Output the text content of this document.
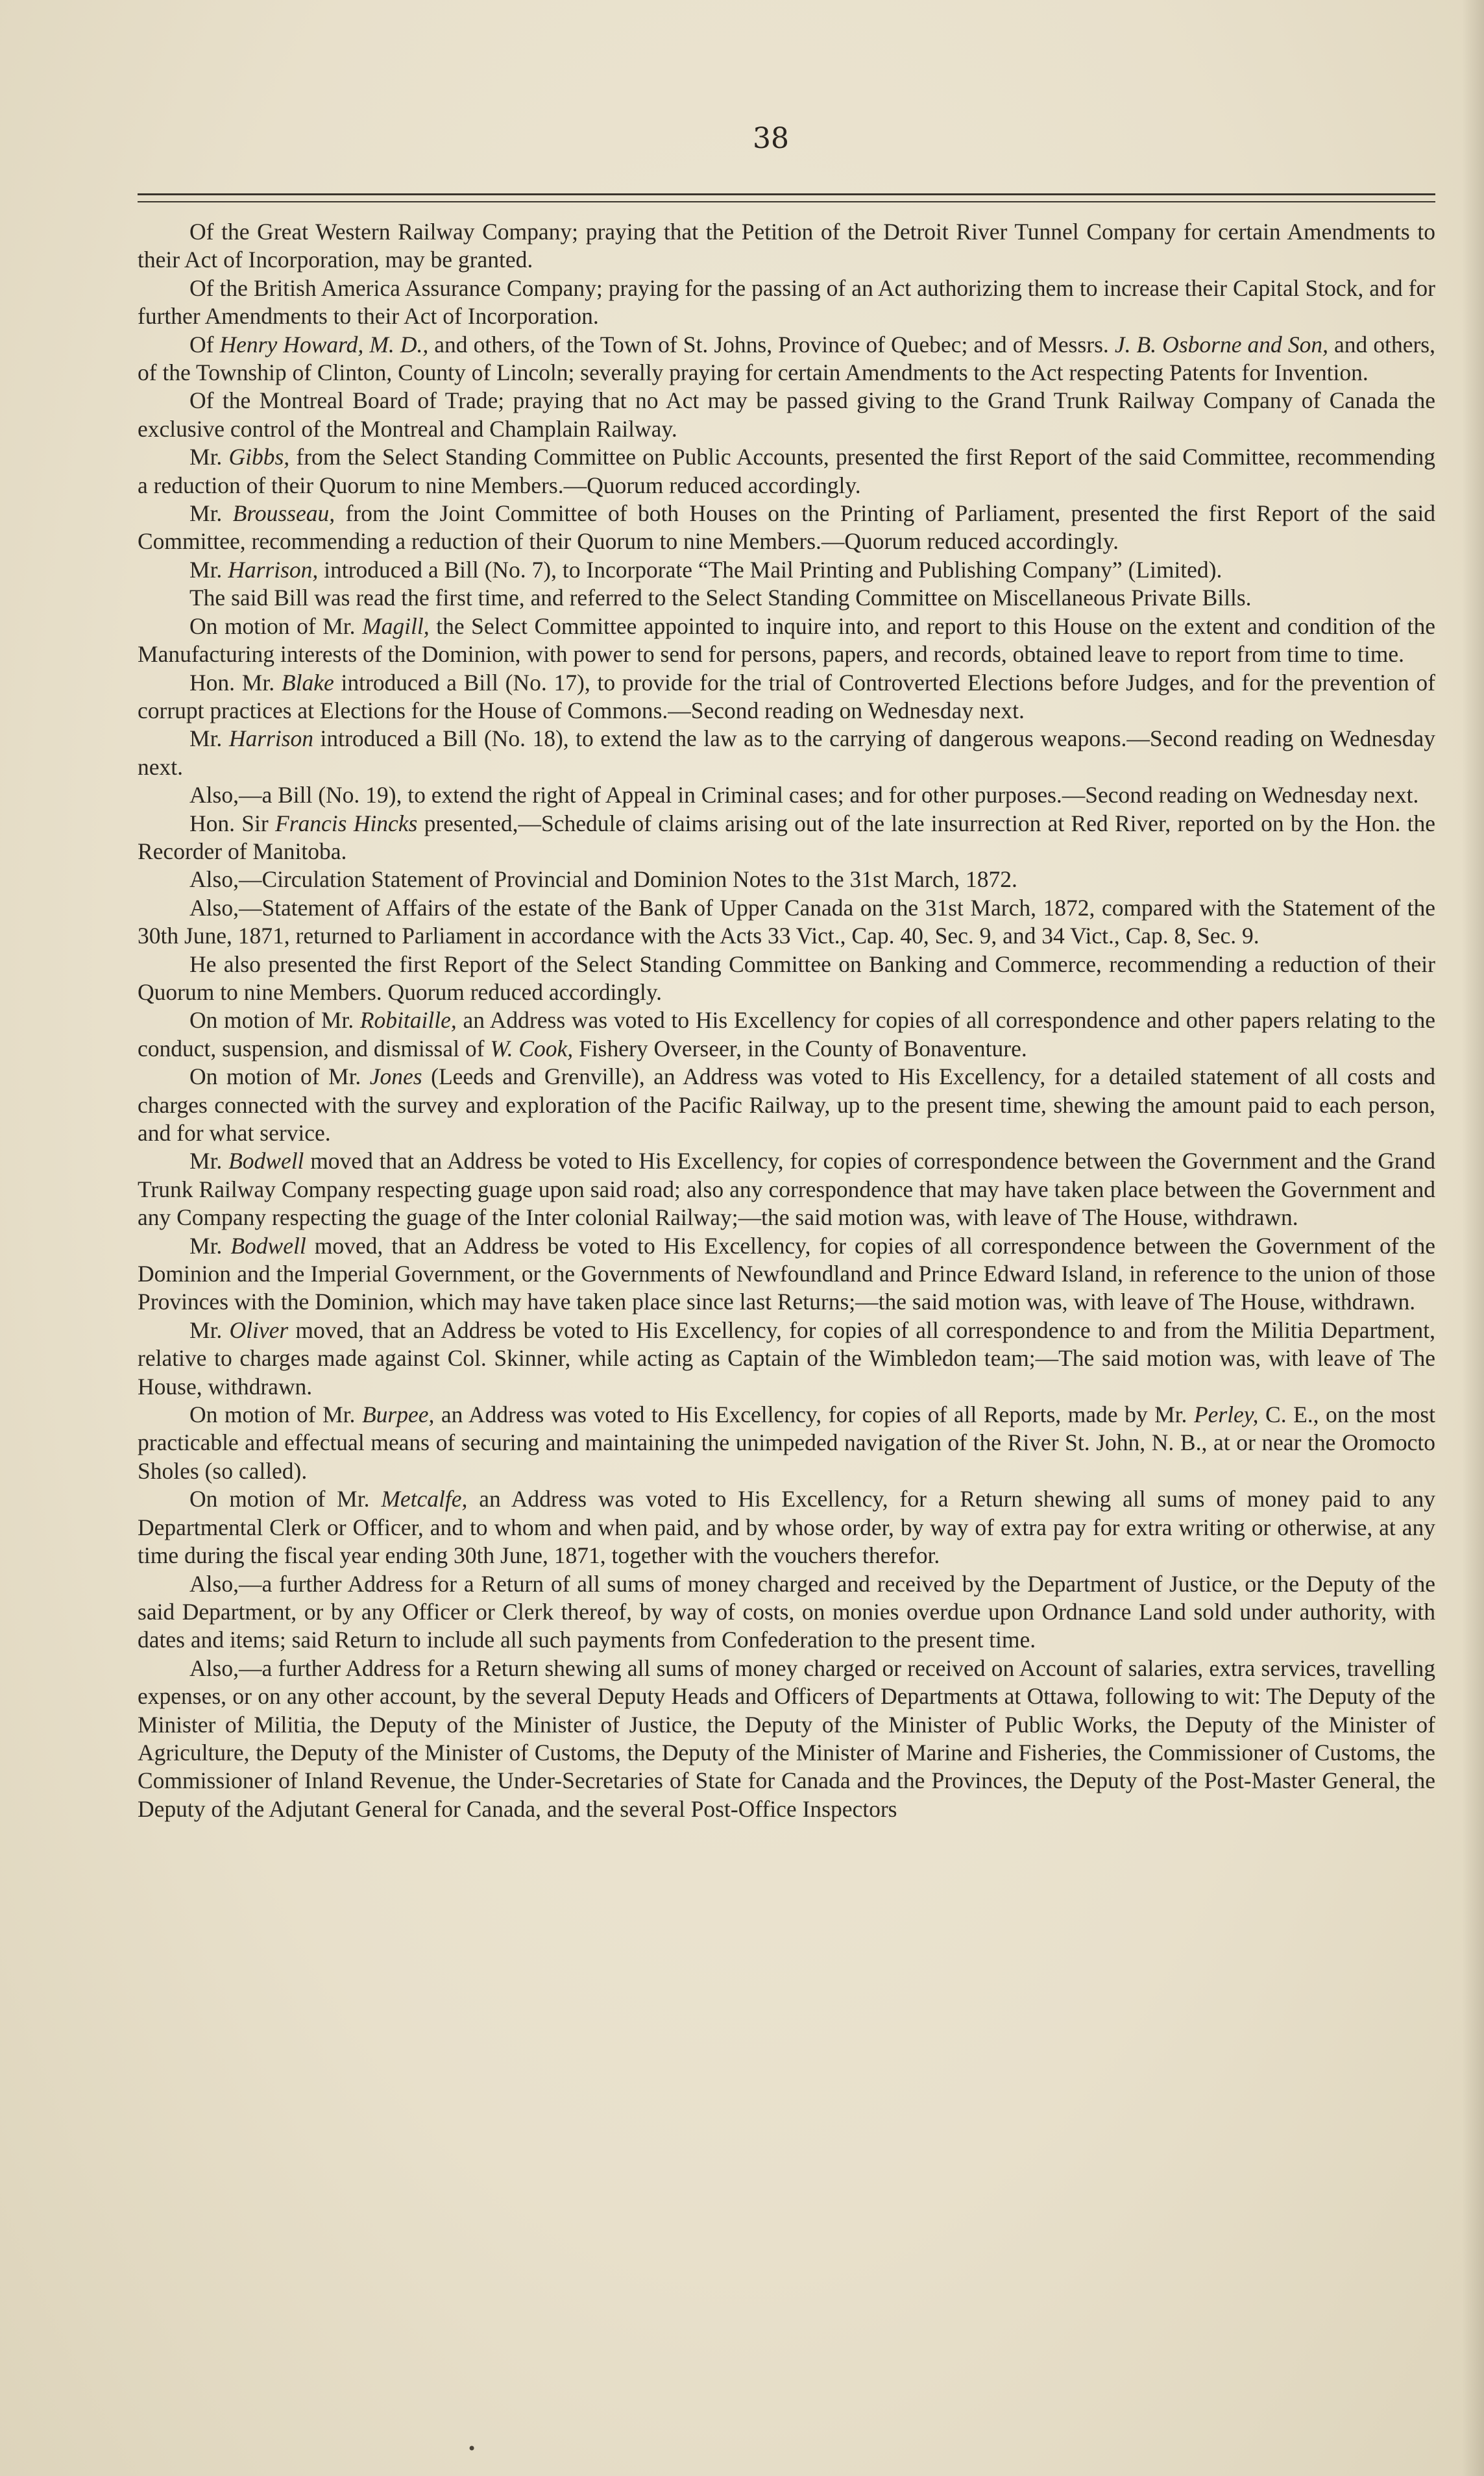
38

Of the Great Western Railway Company; praying that the Petition of the Detroit River Tunnel Company for certain Amendments to their Act of Incorporation, may be granted.

Of the British America Assurance Company; praying for the passing of an Act authorizing them to increase their Capital Stock, and for further Amendments to their Act of Incorporation.

Of Henry Howard, M. D., and others, of the Town of St. Johns, Province of Quebec; and of Messrs. J. B. Osborne and Son, and others, of the Township of Clinton, County of Lincoln; severally praying for certain Amendments to the Act respecting Patents for Invention.

Of the Montreal Board of Trade; praying that no Act may be passed giving to the Grand Trunk Railway Company of Canada the exclusive control of the Montreal and Champlain Railway.

Mr. Gibbs, from the Select Standing Committee on Public Accounts, presented the first Report of the said Committee, recommending a reduction of their Quorum to nine Members.—Quorum reduced accordingly.

Mr. Brousseau, from the Joint Committee of both Houses on the Printing of Parliament, presented the first Report of the said Committee, recommending a reduction of their Quorum to nine Members.—Quorum reduced accordingly.

Mr. Harrison, introduced a Bill (No. 7), to Incorporate “The Mail Printing and Publishing Company” (Limited).

The said Bill was read the first time, and referred to the Select Standing Committee on Miscellaneous Private Bills.

On motion of Mr. Magill, the Select Committee appointed to inquire into, and report to this House on the extent and condition of the Manufacturing interests of the Dominion, with power to send for persons, papers, and records, obtained leave to report from time to time.

Hon. Mr. Blake introduced a Bill (No. 17), to provide for the trial of Controverted Elections before Judges, and for the prevention of corrupt practices at Elections for the House of Commons.—Second reading on Wednesday next.

Mr. Harrison introduced a Bill (No. 18), to extend the law as to the carrying of dangerous weapons.—Second reading on Wednesday next.

Also,—a Bill (No. 19), to extend the right of Appeal in Criminal cases; and for other purposes.—Second reading on Wednesday next.

Hon. Sir Francis Hincks presented,—Schedule of claims arising out of the late insurrection at Red River, reported on by the Hon. the Recorder of Manitoba.

Also,—Circulation Statement of Provincial and Dominion Notes to the 31st March, 1872.

Also,—Statement of Affairs of the estate of the Bank of Upper Canada on the 31st March, 1872, compared with the Statement of the 30th June, 1871, returned to Parliament in accordance with the Acts 33 Vict., Cap. 40, Sec. 9, and 34 Vict., Cap. 8, Sec. 9.

He also presented the first Report of the Select Standing Committee on Banking and Commerce, recommending a reduction of their Quorum to nine Members. Quorum reduced accordingly.

On motion of Mr. Robitaille, an Address was voted to His Excellency for copies of all correspondence and other papers relating to the conduct, suspension, and dismissal of W. Cook, Fishery Overseer, in the County of Bonaventure.

On motion of Mr. Jones (Leeds and Grenville), an Address was voted to His Excellency, for a detailed statement of all costs and charges connected with the survey and exploration of the Pacific Railway, up to the present time, shewing the amount paid to each person, and for what service.

Mr. Bodwell moved that an Address be voted to His Excellency, for copies of correspondence between the Government and the Grand Trunk Railway Company respecting guage upon said road; also any correspondence that may have taken place between the Government and any Company respecting the guage of the Inter colonial Railway;—the said motion was, with leave of The House, withdrawn.

Mr. Bodwell moved, that an Address be voted to His Excellency, for copies of all correspondence between the Government of the Dominion and the Imperial Government, or the Governments of Newfoundland and Prince Edward Island, in reference to the union of those Provinces with the Dominion, which may have taken place since last Returns;—the said motion was, with leave of The House, withdrawn.

Mr. Oliver moved, that an Address be voted to His Excellency, for copies of all correspondence to and from the Militia Department, relative to charges made against Col. Skinner, while acting as Captain of the Wimbledon team;—The said motion was, with leave of The House, withdrawn.

On motion of Mr. Burpee, an Address was voted to His Excellency, for copies of all Reports, made by Mr. Perley, C. E., on the most practicable and effectual means of securing and maintaining the unimpeded navigation of the River St. John, N. B., at or near the Oromocto Sholes (so called).

On motion of Mr. Metcalfe, an Address was voted to His Excellency, for a Return shewing all sums of money paid to any Departmental Clerk or Officer, and to whom and when paid, and by whose order, by way of extra pay for extra writing or otherwise, at any time during the fiscal year ending 30th June, 1871, together with the vouchers therefor.

Also,—a further Address for a Return of all sums of money charged and received by the Department of Justice, or the Deputy of the said Department, or by any Officer or Clerk thereof, by way of costs, on monies overdue upon Ordnance Land sold under authority, with dates and items; said Return to include all such payments from Confederation to the present time.

Also,—a further Address for a Return shewing all sums of money charged or received on Account of salaries, extra services, travelling expenses, or on any other account, by the several Deputy Heads and Officers of Departments at Ottawa, following to wit: The Deputy of the Minister of Militia, the Deputy of the Minister of Justice, the Deputy of the Minister of Public Works, the Deputy of the Minister of Agriculture, the Deputy of the Minister of Customs, the Deputy of the Minister of Marine and Fisheries, the Commissioner of Customs, the Commissioner of Inland Revenue, the Under-Secretaries of State for Canada and the Provinces, the Deputy of the Post-Master General, the Deputy of the Adjutant General for Canada, and the several Post-Office Inspectors

•
